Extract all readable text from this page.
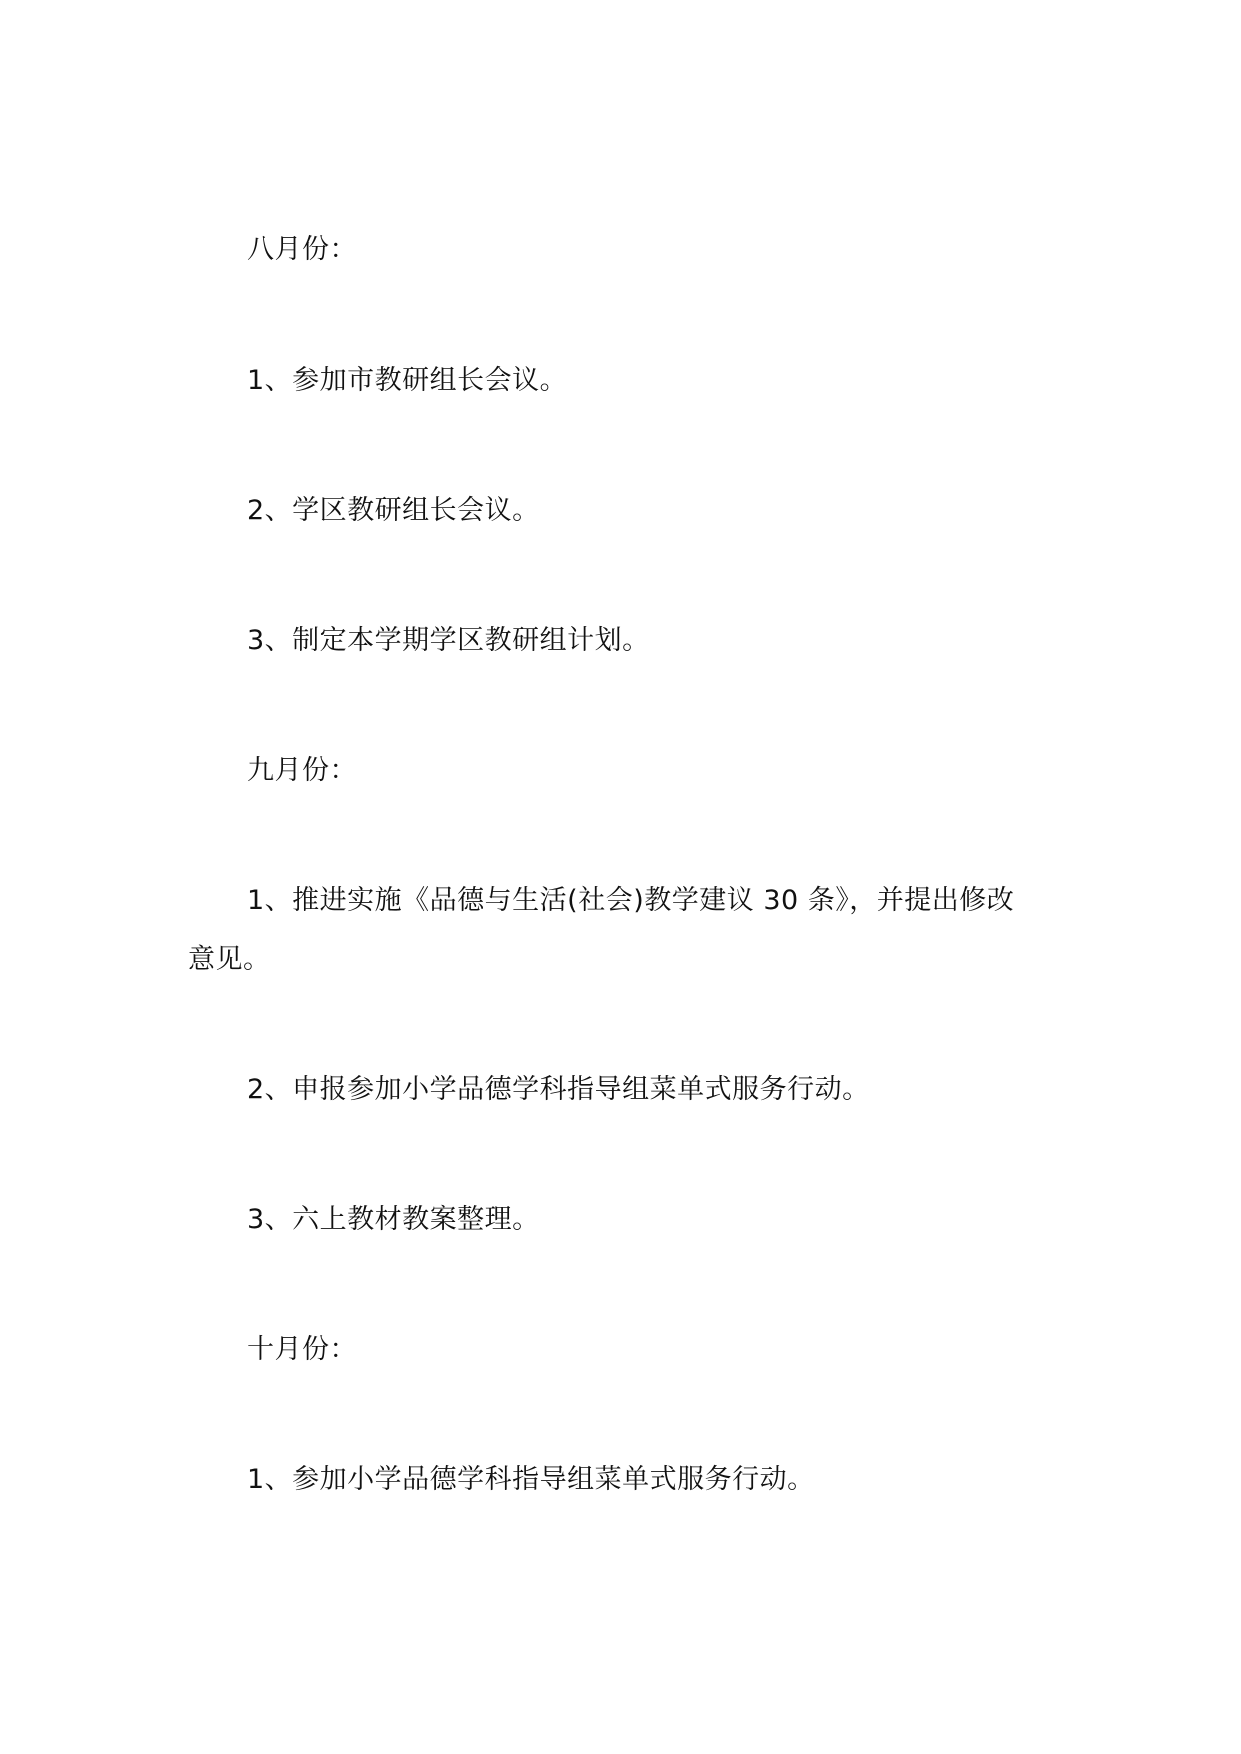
八月份：
1、参加市教研组长会议。
2、学区教研组长会议。
3、制定本学期学区教研组计划。
九月份：
1、推进实施《品德与生活(社会)教学建议 30 条》，并提出修改
意见。
2、申报参加小学品德学科指导组菜单式服务行动。
3、六上教材教案整理。
十月份：
1、参加小学品德学科指导组菜单式服务行动。
